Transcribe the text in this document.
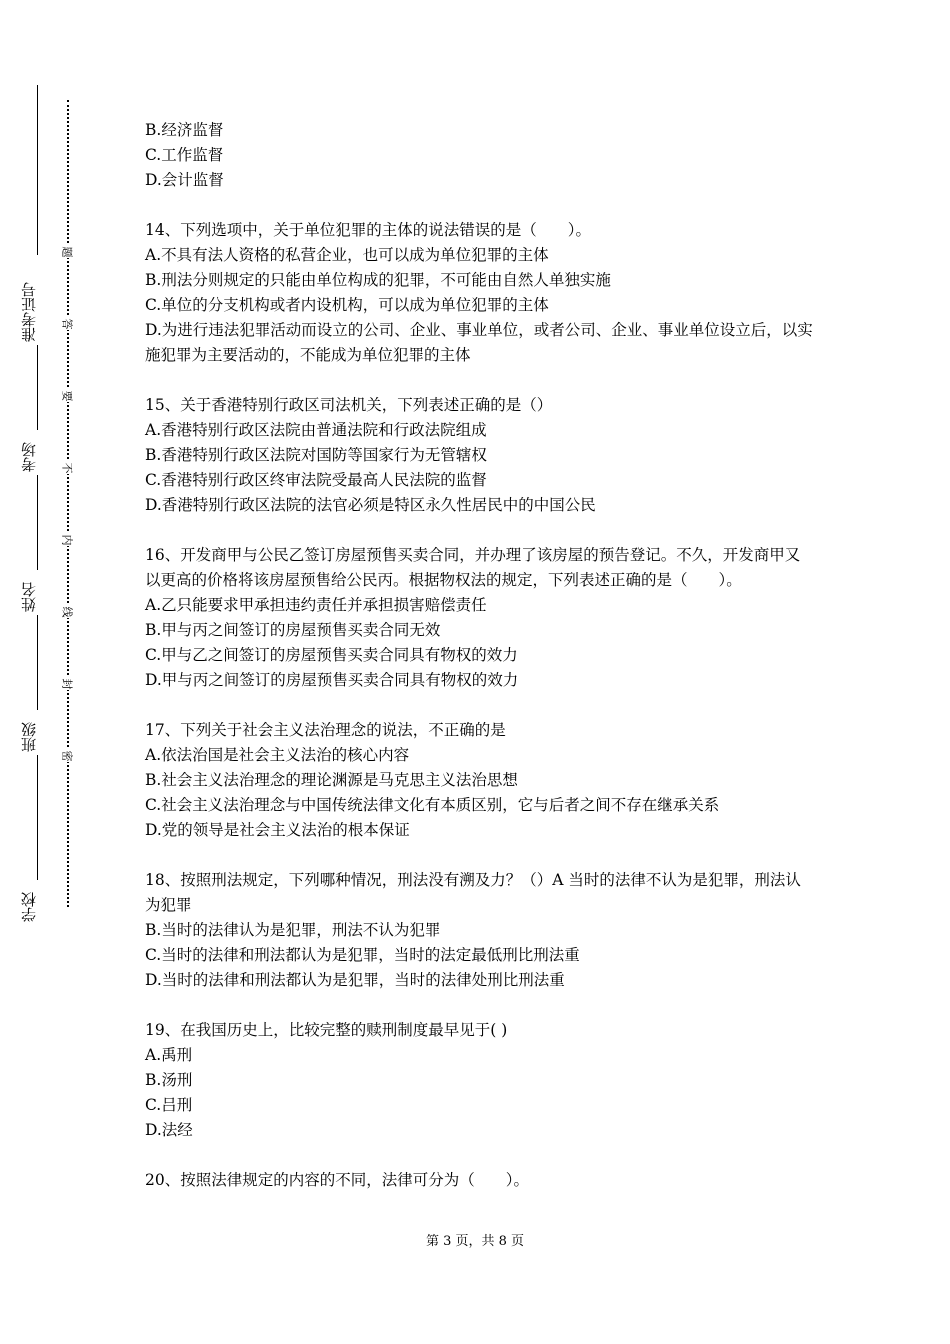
准考证号
考场
姓名
班级
学校
题
答
要
不
内
线
封
密
B.经济监督
C.工作监督
D.会计监督
14、下列选项中，关于单位犯罪的主体的说法错误的是（　　）。
A.不具有法人资格的私营企业，也可以成为单位犯罪的主体
B.刑法分则规定的只能由单位构成的犯罪，不可能由自然人单独实施
C.单位的分支机构或者内设机构，可以成为单位犯罪的主体
D.为进行违法犯罪活动而设立的公司、企业、事业单位，或者公司、企业、事业单位设立后，以实施犯罪为主要活动的，不能成为单位犯罪的主体
15、关于香港特别行政区司法机关，下列表述正确的是（）
A.香港特别行政区法院由普通法院和行政法院组成
B.香港特别行政区法院对国防等国家行为无管辖权
C.香港特别行政区终审法院受最高人民法院的监督
D.香港特别行政区法院的法官必须是特区永久性居民中的中国公民
16、开发商甲与公民乙签订房屋预售买卖合同，并办理了该房屋的预告登记。不久，开发商甲又以更高的价格将该房屋预售给公民丙。根据物权法的规定，下列表述正确的是（　　）。
A.乙只能要求甲承担违约责任并承担损害赔偿责任
B.甲与丙之间签订的房屋预售买卖合同无效
C.甲与乙之间签订的房屋预售买卖合同具有物权的效力
D.甲与丙之间签订的房屋预售买卖合同具有物权的效力
17、下列关于社会主义法治理念的说法，不正确的是
A.依法治国是社会主义法治的核心内容
B.社会主义法治理念的理论渊源是马克思主义法治思想
C.社会主义法治理念与中国传统法律文化有本质区别，它与后者之间不存在继承关系
D.党的领导是社会主义法治的根本保证
18、按照刑法规定，下列哪种情况，刑法没有溯及力？（）A 当时的法律不认为是犯罪，刑法认为犯罪
B.当时的法律认为是犯罪，刑法不认为犯罪
C.当时的法律和刑法都认为是犯罪，当时的法定最低刑比刑法重
D.当时的法律和刑法都认为是犯罪，当时的法律处刑比刑法重
19、在我国历史上，比较完整的赎刑制度最早见于( )
A.禹刑
B.汤刑
C.吕刑
D.法经
20、按照法律规定的内容的不同，法律可分为（　　）。
第 3 页，共 8 页
